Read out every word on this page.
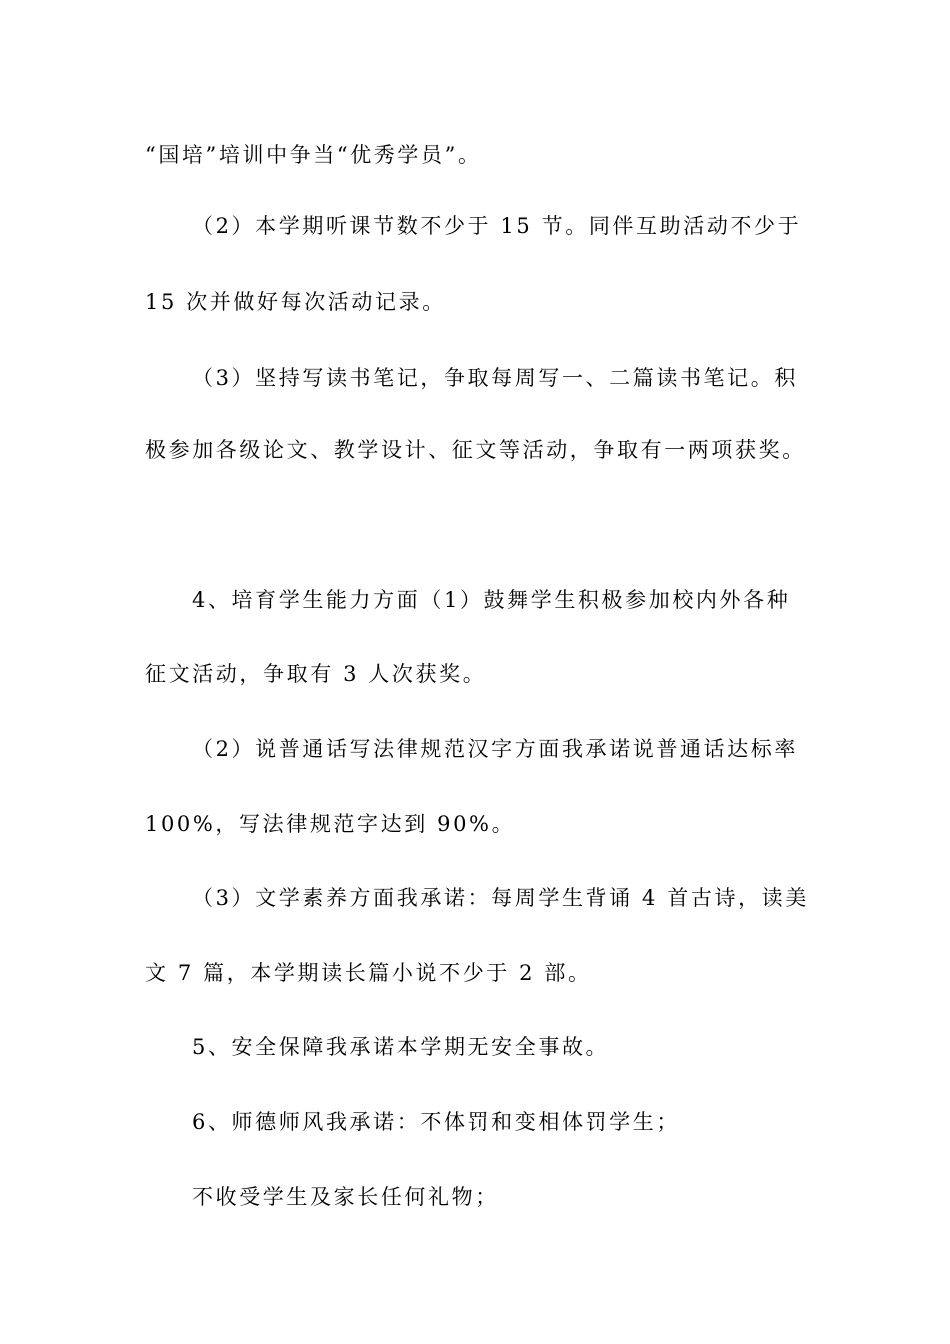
“国培”培训中争当“优秀学员”。
（2）本学期听课节数不少于 15 节。同伴互助活动不少于
15 次并做好每次活动记录。
（3）坚持写读书笔记，争取每周写一、二篇读书笔记。积
极参加各级论文、教学设计、征文等活动，争取有一两项获奖。
4、培育学生能力方面（1）鼓舞学生积极参加校内外各种
征文活动，争取有 3 人次获奖。
（2）说普通话写法律规范汉字方面我承诺说普通话达标率
100%，写法律规范字达到 90%。
（3）文学素养方面我承诺：每周学生背诵 4 首古诗，读美
文 7 篇，本学期读长篇小说不少于 2 部。
5、安全保障我承诺本学期无安全事故。
6、师德师风我承诺：不体罚和变相体罚学生；
不收受学生及家长任何礼物；
